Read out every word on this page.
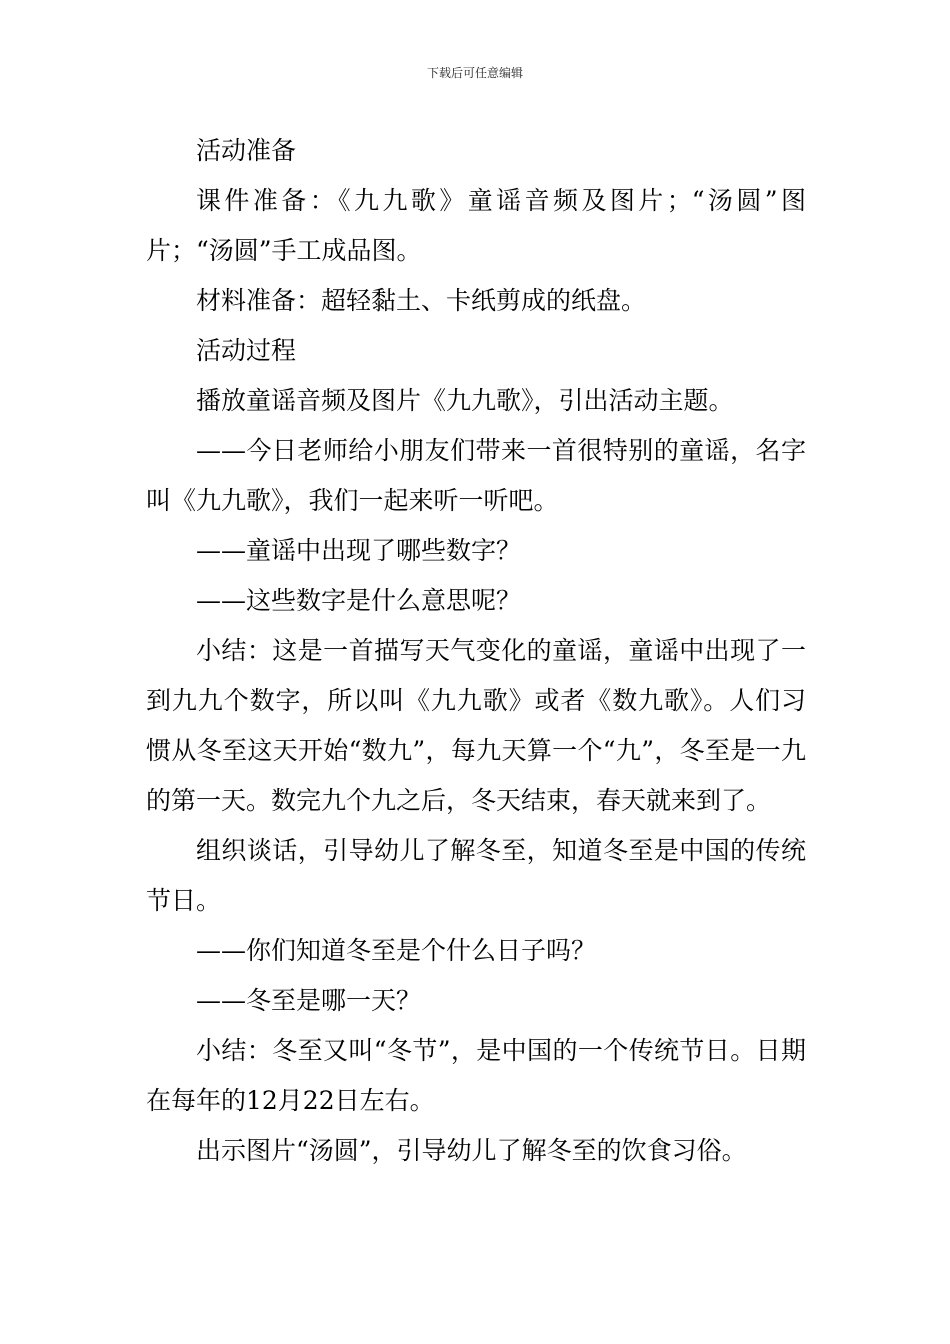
下载后可任意编辑

活动准备

课件准备：《九九歌》童谣音频及图片；“汤圆”图片；“汤圆”手工成品图。

材料准备：超轻黏土、卡纸剪成的纸盘。

活动过程

播放童谣音频及图片《九九歌》，引出活动主题。

——今日老师给小朋友们带来一首很特别的童谣，名字叫《九九歌》，我们一起来听一听吧。

——童谣中出现了哪些数字？

——这些数字是什么意思呢？

小结：这是一首描写天气变化的童谣，童谣中出现了一到九九个数字，所以叫《九九歌》或者《数九歌》。人们习惯从冬至这天开始“数九”，每九天算一个“九”，冬至是一九的第一天。数完九个九之后，冬天结束，春天就来到了。

组织谈话，引导幼儿了解冬至，知道冬至是中国的传统节日。

——你们知道冬至是个什么日子吗？

——冬至是哪一天？

小结：冬至又叫“冬节”，是中国的一个传统节日。日期在每年的12月22日左右。

出示图片“汤圆”，引导幼儿了解冬至的饮食习俗。
